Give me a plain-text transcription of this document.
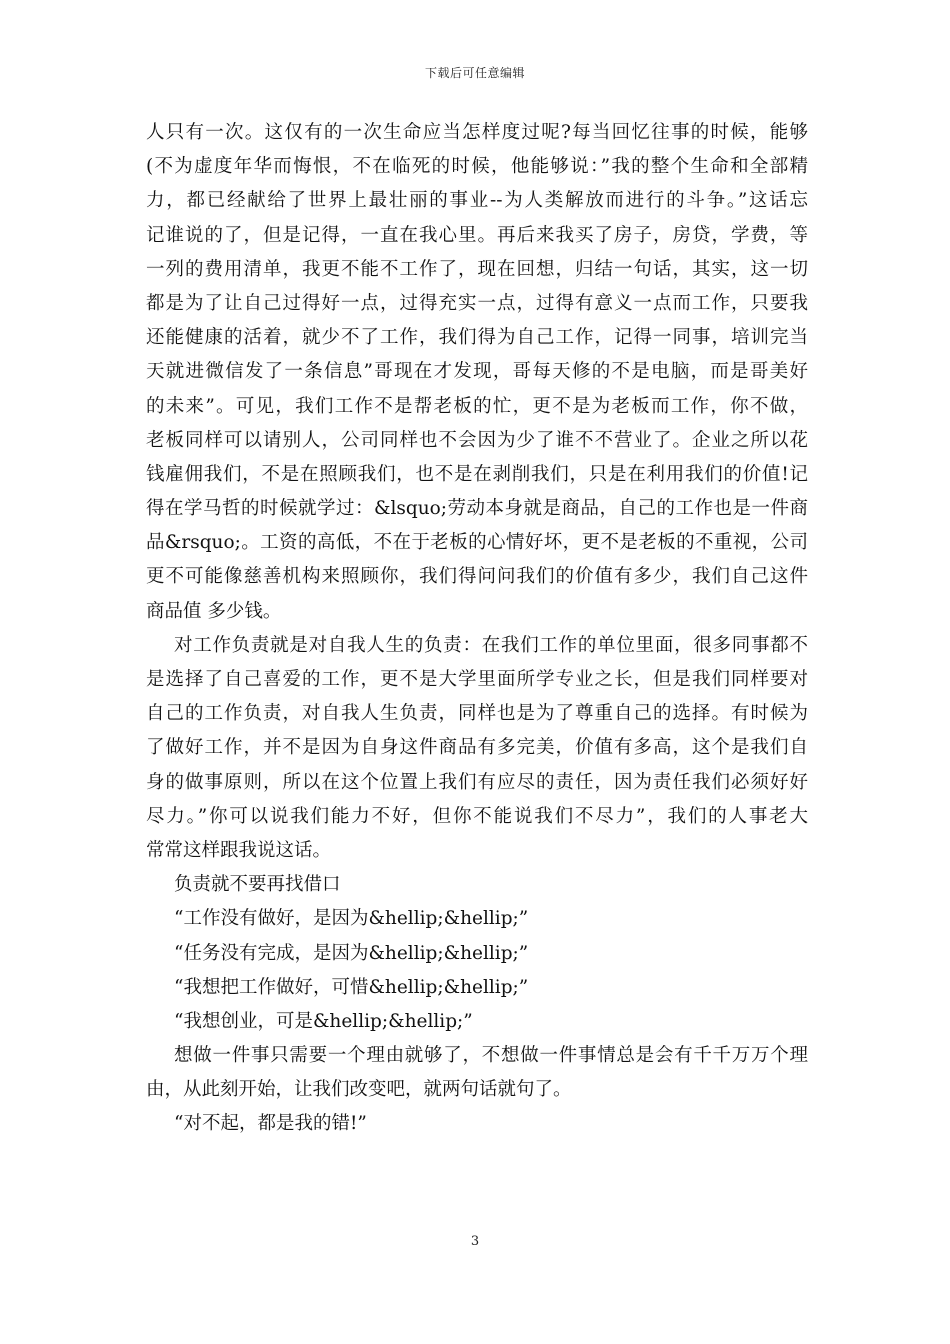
下载后可任意编辑
人只有一次。这仅有的一次生命应当怎样度过呢?每当回忆往事的时候，能够
(不为虚度年华而悔恨，不在临死的时候，他能够说：”我的整个生命和全部精
力，都已经献给了世界上最壮丽的事业--为人类解放而进行的斗争。”这话忘
记谁说的了，但是记得，一直在我心里。再后来我买了房子，房贷，学费，等
一列的费用清单，我更不能不工作了，现在回想，归结一句话，其实，这一切
都是为了让自己过得好一点，过得充实一点，过得有意义一点而工作，只要我
还能健康的活着，就少不了工作，我们得为自己工作，记得一同事，培训完当
天就进微信发了一条信息”哥现在才发现，哥每天修的不是电脑，而是哥美好
的未来”。可见，我们工作不是帮老板的忙，更不是为老板而工作，你不做，
老板同样可以请别人，公司同样也不会因为少了谁不不营业了。企业之所以花
钱雇佣我们，不是在照顾我们，也不是在剥削我们，只是在利用我们的价值!记
得在学马哲的时候就学过：&lsquo;劳动本身就是商品，自己的工作也是一件商
品&rsquo;。工资的高低，不在于老板的心情好坏，更不是老板的不重视，公司
更不可能像慈善机构来照顾你，我们得问问我们的价值有多少，我们自己这件
商品值 多少钱。
对工作负责就是对自我人生的负责：在我们工作的单位里面，很多同事都不
是选择了自己喜爱的工作，更不是大学里面所学专业之长，但是我们同样要对
自己的工作负责，对自我人生负责，同样也是为了尊重自己的选择。有时候为
了做好工作，并不是因为自身这件商品有多完美，价值有多高，这个是我们自
身的做事原则，所以在这个位置上我们有应尽的责任，因为责任我们必须好好
尽力。”你可以说我们能力不好，但你不能说我们不尽力”，我们的人事老大
常常这样跟我说这话。
负责就不要再找借口
“工作没有做好，是因为&hellip;&hellip;”
“任务没有完成，是因为&hellip;&hellip;”
“我想把工作做好，可惜&hellip;&hellip;”
“我想创业，可是&hellip;&hellip;”
想做一件事只需要一个理由就够了，不想做一件事情总是会有千千万万个理
由，从此刻开始，让我们改变吧，就两句话就句了。
“对不起，都是我的错!”
3
